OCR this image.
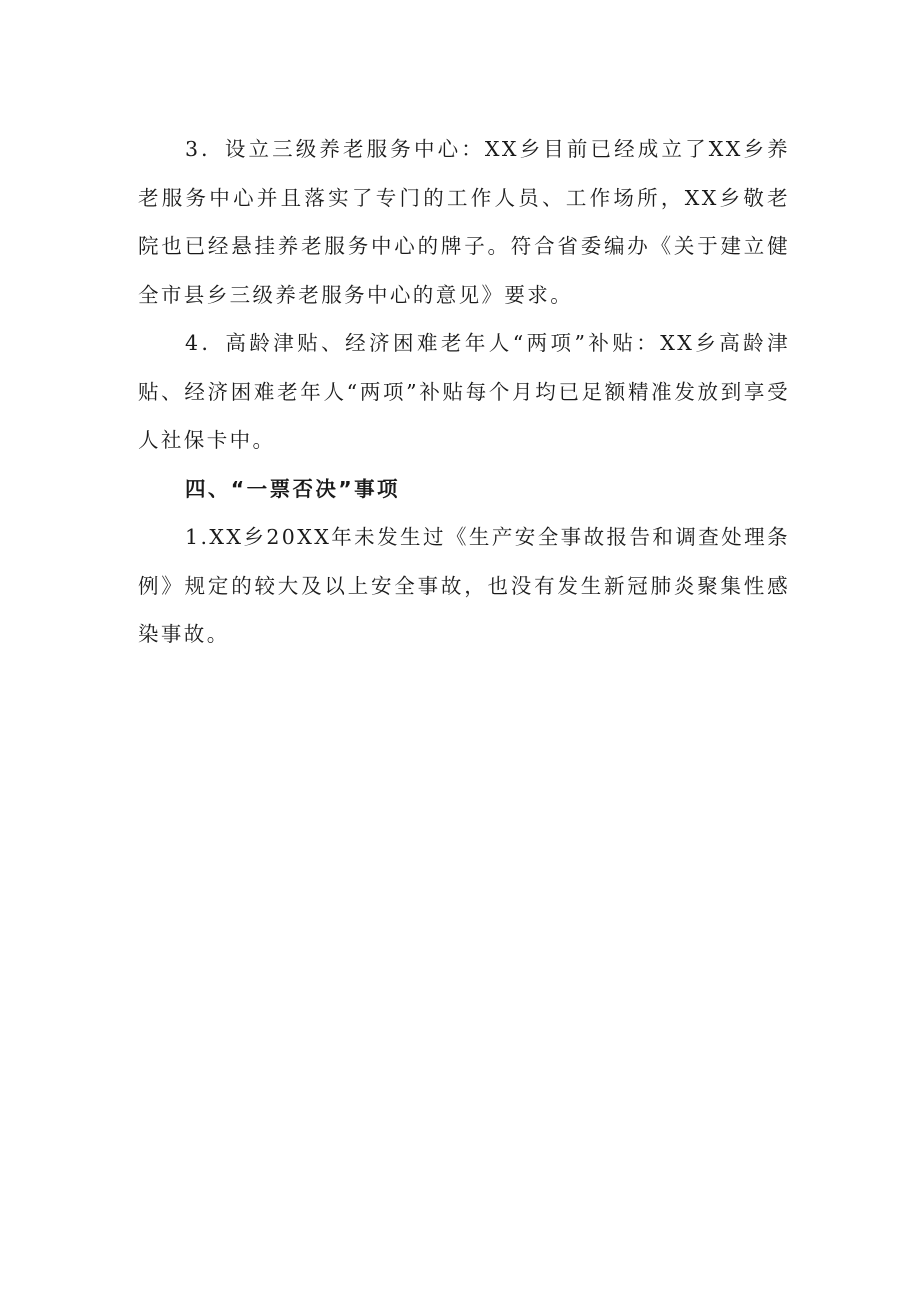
3．设立三级养老服务中心：XX乡目前已经成立了XX乡养老服务中心并且落实了专门的工作人员、工作场所，XX乡敬老院也已经悬挂养老服务中心的牌子。符合省委编办《关于建立健全市县乡三级养老服务中心的意见》要求。

4．高龄津贴、经济困难老年人“两项”补贴：XX乡高龄津贴、经济困难老年人“两项”补贴每个月均已足额精准发放到享受人社保卡中。

四、“一票否决”事项

1.XX乡20XX年未发生过《生产安全事故报告和调查处理条例》规定的较大及以上安全事故，也没有发生新冠肺炎聚集性感染事故。
